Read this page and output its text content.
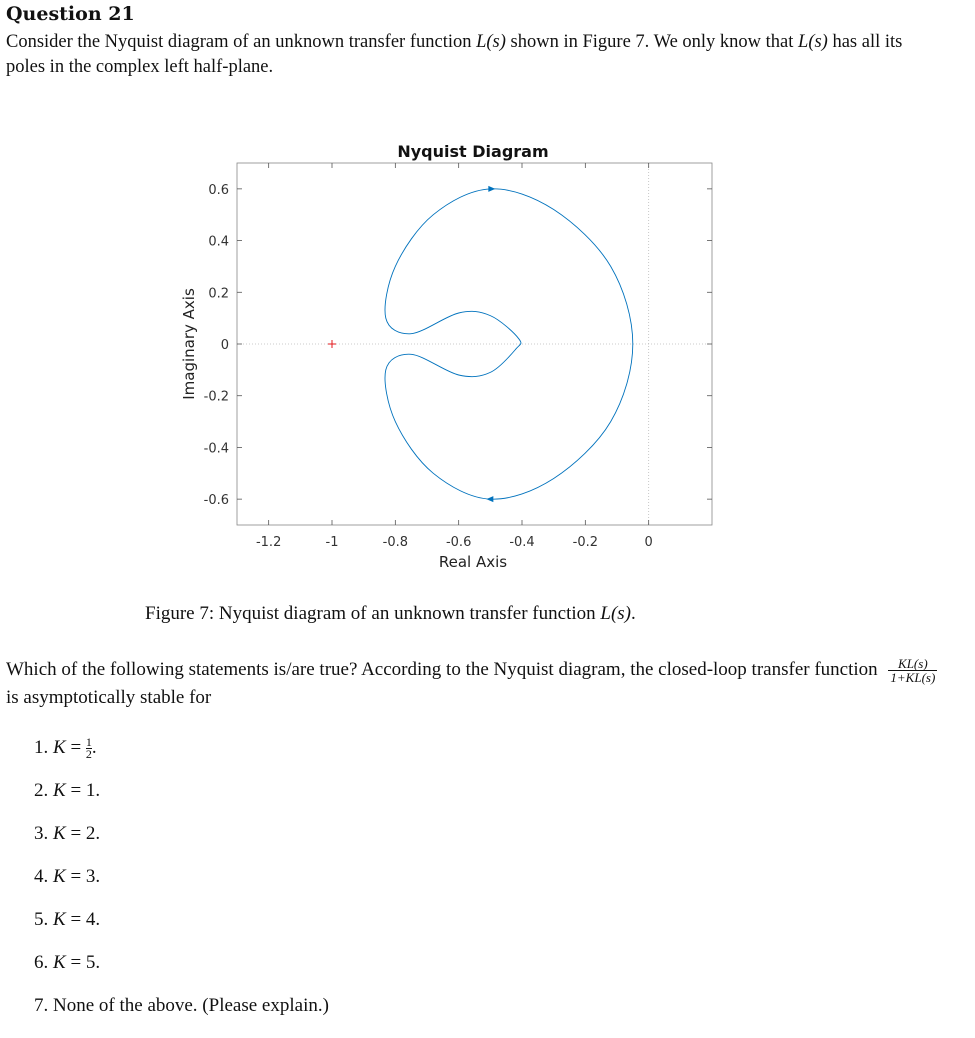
Question 21
Consider the Nyquist diagram of an unknown transfer function L(s) shown in Figure 7. We only know that L(s) has all its poles in the complex left half-plane.
Nyquist Diagram
-1.2	-1	-0.8	-0.6	-0.4	-0.2	0
0.6
0.4
0.2
0
-0.2
-0.4
-0.6
Real Axis
Imaginary Axis
Figure 7: Nyquist diagram of an unknown transfer function L(s).
Which of the following statements is/are true? According to the Nyquist diagram, the closed-loop transfer function $\frac{KL(s)}{1+KL(s)}$
is asymptotically stable for
1. $K = \frac{1}{2}$.
2. K = 1.
3. K = 2.
4. K = 3.
5. K = 4.
6. K = 5.
7. None of the above. (Please explain.)
